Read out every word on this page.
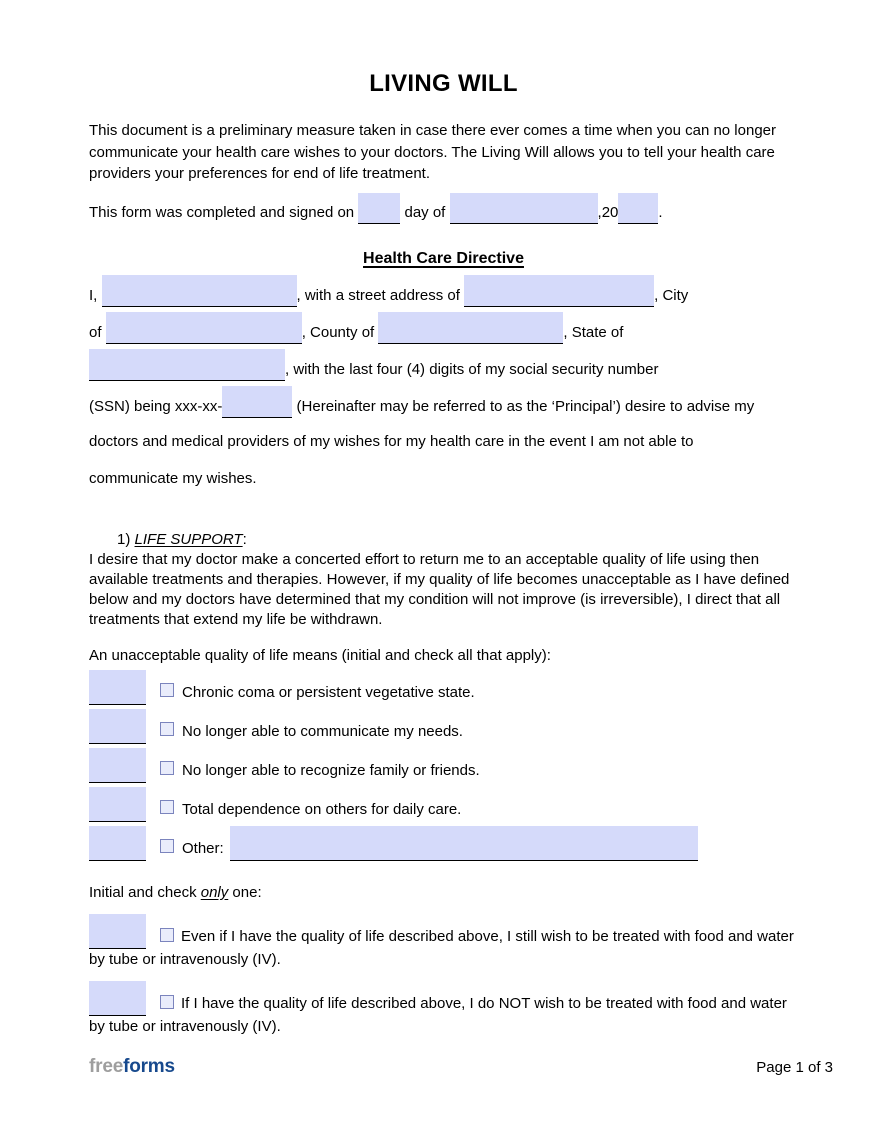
LIVING WILL

This document is a preliminary measure taken in case there ever comes a time when you can no longer communicate your health care wishes to your doctors. The Living Will allows you to tell your health care providers your preferences for end of life treatment.

This form was completed and signed on	day of	,20	.
Health Care Directive
I,	, with a street address of	, City
of	, County of	, State of
, with the last four (4) digits of my social security number
(SSN) being xxx-xx-	(Hereinafter may be referred to as the ‘Principal’) desire to advise my
doctors and medical providers of my wishes for my health care in the event I am not able to
communicate my wishes.
1) LIFE SUPPORT:

I desire that my doctor make a concerted effort to return me to an acceptable quality of life using then available treatments and therapies. However, if my quality of life becomes unacceptable as I have defined below and my doctors have determined that my condition will not improve (is irreversible), I direct that all treatments that extend my life be withdrawn.

An unacceptable quality of life means (initial and check all that apply):
Chronic coma or persistent vegetative state.
No longer able to communicate my needs.
No longer able to recognize family or friends.
Total dependence on others for daily care.
Other:
Initial and check only one:
Even if I have the quality of life described above, I still wish to be treated with food and water by tube or intravenously (IV).
If I have the quality of life described above, I do NOT wish to be treated with food and water by tube or intravenously (IV).
freeforms	Page 1 of 3
